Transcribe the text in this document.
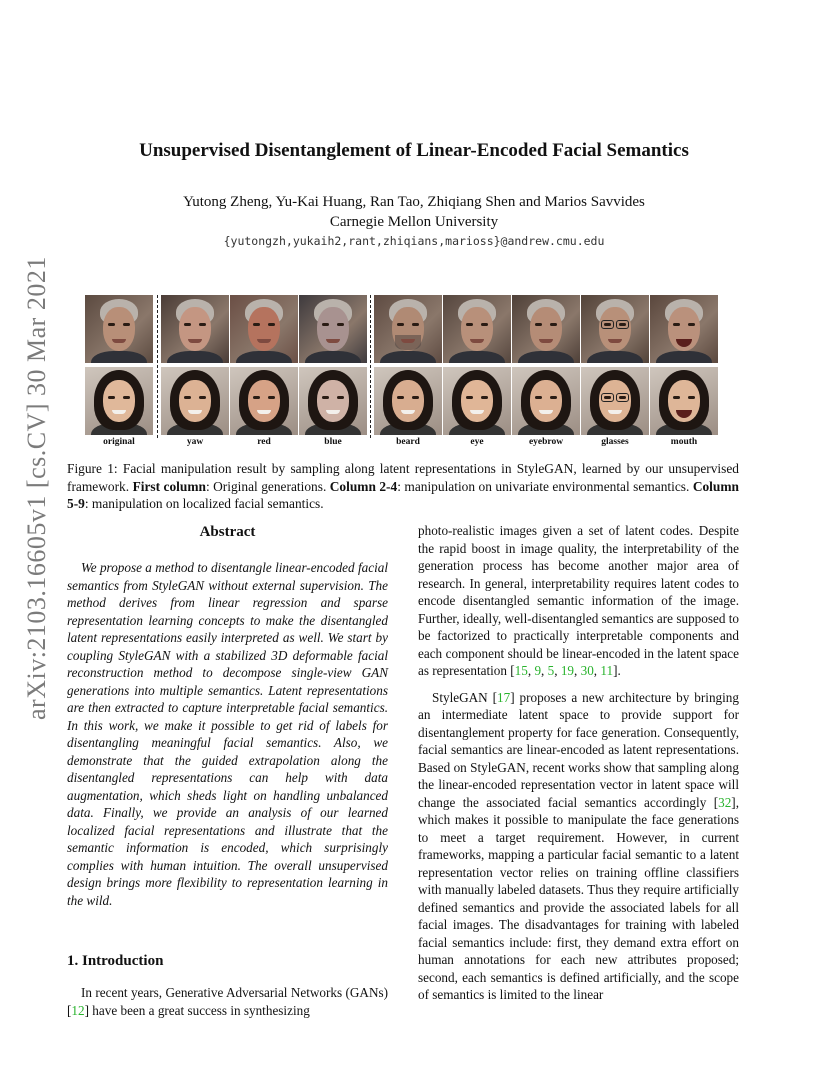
arXiv:2103.16605v1 [cs.CV] 30 Mar 2021
Unsupervised Disentanglement of Linear-Encoded Facial Semantics
Yutong Zheng, Yu-Kai Huang, Ran Tao, Zhiqiang Shen and Marios Savvides
Carnegie Mellon University
{yutongzh,yukaih2,rant,zhiqians,marioss}@andrew.cmu.edu
original	yaw	red	blue	beard	eye	eyebrow	glasses	mouth
Figure 1: Facial manipulation result by sampling along latent representations in StyleGAN, learned by our unsupervised framework. First column: Original generations. Column 2-4: manipulation on univariate environmental semantics. Column 5-9: manipulation on localized facial semantics.
Abstract

We propose a method to disentangle linear-encoded facial semantics from StyleGAN without external supervision. The method derives from linear regression and sparse representation learning concepts to make the disentangled latent representations easily interpreted as well. We start by coupling StyleGAN with a stabilized 3D deformable facial reconstruction method to decompose single-view GAN generations into multiple semantics. Latent representations are then extracted to capture interpretable facial semantics. In this work, we make it possible to get rid of labels for disentangling meaningful facial semantics. Also, we demonstrate that the guided extrapolation along the disentangled representations can help with data augmentation, which sheds light on handling unbalanced data. Finally, we provide an analysis of our learned localized facial representations and illustrate that the semantic information is encoded, which surprisingly complies with human intuition. The overall unsupervised design brings more flexibility to representation learning in the wild.

1. Introduction

In recent years, Generative Adversarial Networks (GANs) [12] have been a great success in synthesizing

photo-realistic images given a set of latent codes. Despite the rapid boost in image quality, the interpretability of the generation process has become another major area of research. In general, interpretability requires latent codes to encode disentangled semantic information of the image. Further, ideally, well-disentangled semantics are supposed to be factorized to practically interpretable components and each component should be linear-encoded in the latent space as representation [15, 9, 5, 19, 30, 11].

StyleGAN [17] proposes a new architecture by bringing an intermediate latent space to provide support for disentanglement property for face generation. Consequently, facial semantics are linear-encoded as latent representations. Based on StyleGAN, recent works show that sampling along the linear-encoded representation vector in latent space will change the associated facial semantics accordingly [32], which makes it possible to manipulate the face generations to meet a target requirement. However, in current frameworks, mapping a particular facial semantic to a latent representation vector relies on training offline classifiers with manually labeled datasets. Thus they require artificially defined semantics and provide the associated labels for all facial images. The disadvantages for training with labeled facial semantics include: first, they demand extra effort on human annotations for each new attributes proposed; second, each semantics is defined artificially, and the scope of semantics is limited to the linear
